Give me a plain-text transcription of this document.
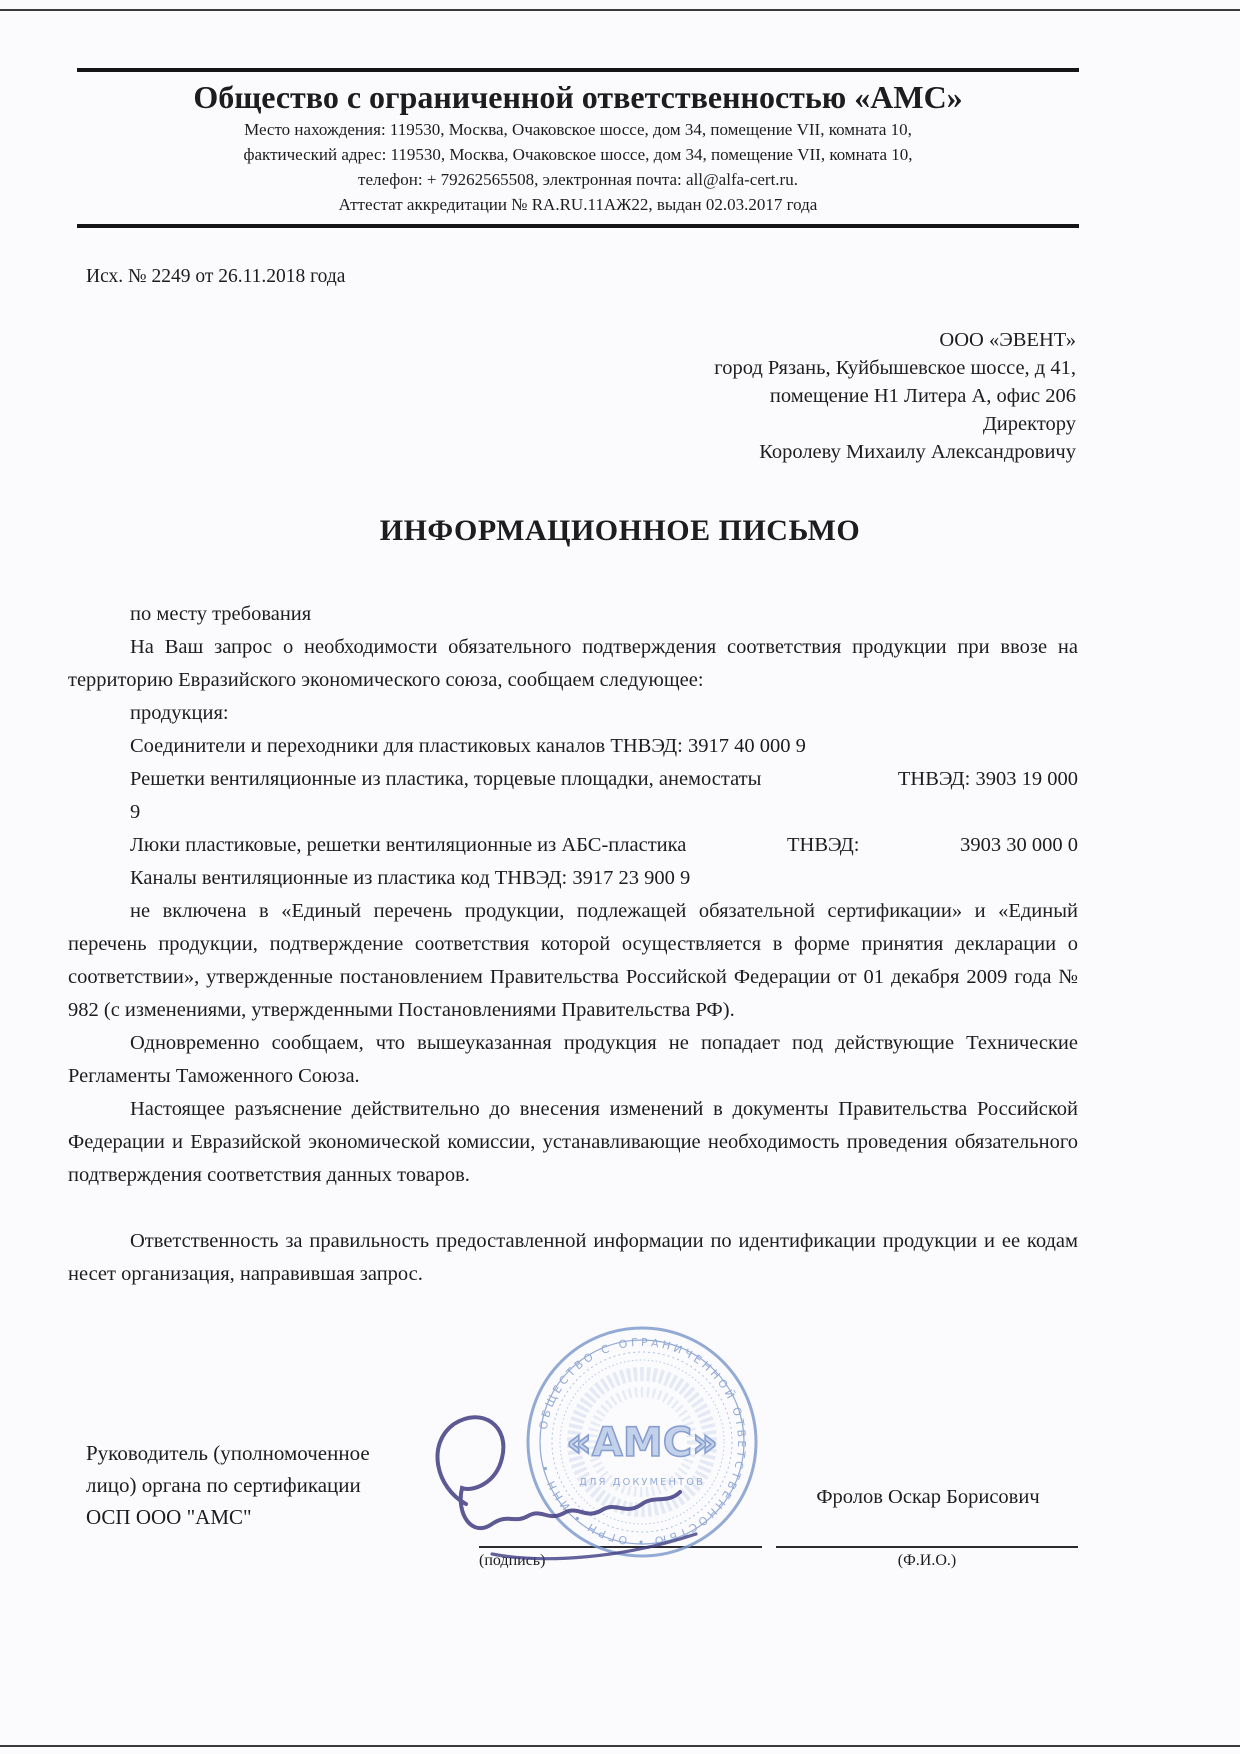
Общество с ограниченной ответственностью «АМС»
Место нахождения: 119530, Москва, Очаковское шоссе, дом 34, помещение VII, комната 10,
фактический адрес: 119530, Москва, Очаковское шоссе, дом 34, помещение VII, комната 10,
телефон: + 79262565508, электронная почта: all@alfa-cert.ru.
Аттестат аккредитации № RA.RU.11АЖ22, выдан 02.03.2017 года
Исх. № 2249 от 26.11.2018 года
ООО «ЭВЕНТ»
город Рязань, Куйбышевское шоссе, д 41,
помещение Н1 Литера А, офис 206
Директору
Королеву Михаилу Александровичу
ИНФОРМАЦИОННОЕ ПИСЬМО

по месту требования

На Ваш запрос о необходимости обязательного подтверждения соответствия продукции при ввозе на территорию Евразийского экономического союза, сообщаем следующее:

продукция:

Соединители и переходники для пластиковых каналов ТНВЭД: 3917 40 000 9

Решетки вентиляционные из пластика, торцевые площадки, анемостаты	ТНВЭД: 3903 19 000

9

Люки пластиковые, решетки вентиляционные из АБС-пластика	ТНВЭД:	3903 30 000 0

Каналы вентиляционные из пластика код ТНВЭД: 3917 23 900 9

не включена в «Единый перечень продукции, подлежащей обязательной сертификации» и «Единый перечень продукции, подтверждение соответствия которой осуществляется в форме принятия декларации о соответствии», утвержденные постановлением Правительства Российской Федерации от 01 декабря 2009 года № 982 (с изменениями, утвержденными Постановлениями Правительства РФ).

Одновременно сообщаем, что вышеуказанная продукция не попадает под действующие Технические Регламенты Таможенного Союза.

Настоящее разъяснение действительно до внесения изменений в документы Правительства Российской Федерации и Евразийской экономической комиссии, устанавливающие необходимость проведения обязательного подтверждения соответствия данных товаров.

Ответственность за правильность предоставленной информации по идентификации продукции и ее кодам несет организация, направившая запрос.

ОБЩЕСТВО С ОГРАНИЧЕННОЙ ОТВЕТСТВЕННОСТЬЮ • ОГРН • ИНН •
«АМС»
ДЛЯ ДОКУМЕНТОВ
Руководитель (уполномоченное
лицо) органа по сертификации
ОСП ООО "АМС"
(подпись)
Фролов Оскар Борисович
(Ф.И.О.)
